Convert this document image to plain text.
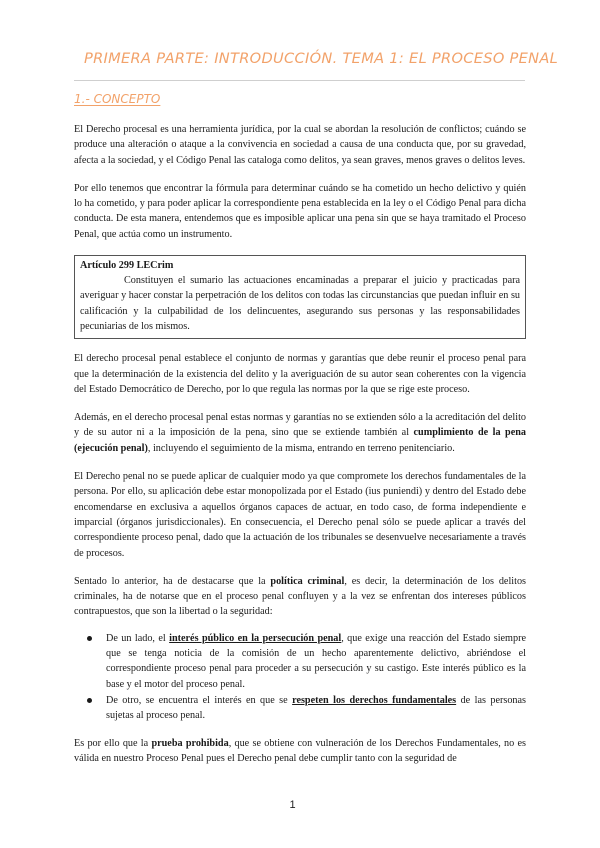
PRIMERA PARTE: INTRODUCCIÓN. TEMA 1: EL PROCESO PENAL
1.- CONCEPTO

El Derecho procesal es una herramienta jurídica, por la cual se abordan la resolución de conflictos; cuándo se produce una alteración o ataque a la convivencia en sociedad a causa de una conducta que, por su gravedad, afecta a la sociedad, y el Código Penal las cataloga como delitos, ya sean graves, menos graves o delitos leves.

Por ello tenemos que encontrar la fórmula para determinar cuándo se ha cometido un hecho delictivo y quién lo ha cometido, y para poder aplicar la correspondiente pena establecida en la ley o el Código Penal para dicha conducta. De esta manera, entendemos que es imposible aplicar una pena sin que se haya tramitado el Proceso Penal, que actúa como un instrumento.

Artículo 299 LECrim

Constituyen el sumario las actuaciones encaminadas a preparar el juicio y practicadas para averiguar y hacer constar la perpetración de los delitos con todas las circunstancias que puedan influir en su calificación y la culpabilidad de los delincuentes, asegurando sus personas y las responsabilidades pecuniarias de los mismos.

El derecho procesal penal establece el conjunto de normas y garantías que debe reunir el proceso penal para que la determinación de la existencia del delito y la averiguación de su autor sean coherentes con la vigencia del Estado Democrático de Derecho, por lo que regula las normas por la que se rige este proceso.

Además, en el derecho procesal penal estas normas y garantías no se extienden sólo a la acreditación del delito y de su autor ni a la imposición de la pena, sino que se extiende también al cumplimiento de la pena (ejecución penal), incluyendo el seguimiento de la misma, entrando en terreno penitenciario.

El Derecho penal no se puede aplicar de cualquier modo ya que compromete los derechos fundamentales de la persona. Por ello, su aplicación debe estar monopolizada por el Estado (ius puniendi) y dentro del Estado debe encomendarse en exclusiva a aquellos órganos capaces de actuar, en todo caso, de forma independiente e imparcial (órganos jurisdiccionales). En consecuencia, el Derecho penal sólo se puede aplicar a través del correspondiente proceso penal, dado que la actuación de los tribunales se desenvuelve necesariamente a través de procesos.

Sentado lo anterior, ha de destacarse que la política criminal, es decir, la determinación de los delitos criminales, ha de notarse que en el proceso penal confluyen y a la vez se enfrentan dos intereses públicos contrapuestos, que son la libertad o la seguridad:

De un lado, el interés público en la persecución penal, que exige una reacción del Estado siempre que se tenga noticia de la comisión de un hecho aparentemente delictivo, abriéndose el correspondiente proceso penal para proceder a su persecución y su castigo. Este interés público es la base y el motor del proceso penal.
De otro, se encuentra el interés en que se respeten los derechos fundamentales de las personas sujetas al proceso penal.

Es por ello que la prueba prohibida, que se obtiene con vulneración de los Derechos Fundamentales, no es válida en nuestro Proceso Penal pues el Derecho penal debe cumplir tanto con la seguridad de

1
